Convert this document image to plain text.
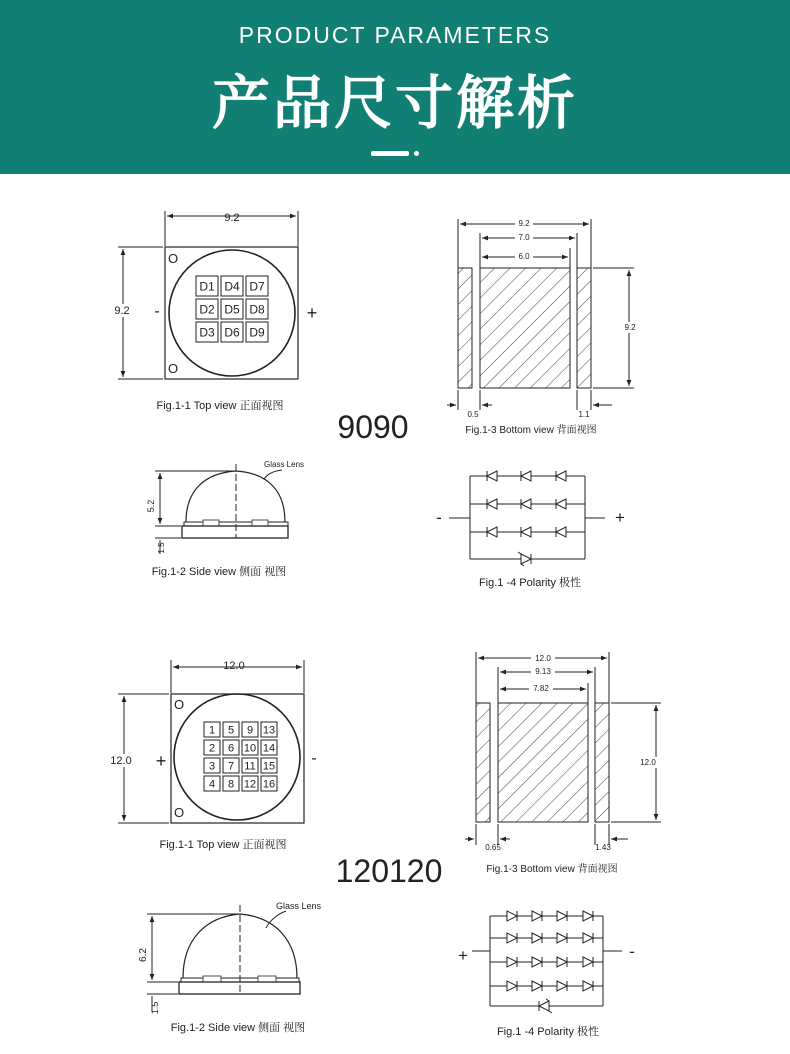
PRODUCT PARAMETERS
产品尺寸解析
9.2
9.2
O
O
-	+
D1 D4 D7
D2 D5 D8
D3 D6 D9
Fig.1-1 Top view 正面视图
9090
9.2
7.0
6.0
9.2
0.5	1.1
Fig.1-3 Bottom view 背面视图
5.2
1.5
Glass Lens
Fig.1-2 Side view 侧面 视图
-	+
Fig.1 -4 Polarity 极性
12.0
12.0
O
O
+	-
1 5 9 13
2 6 10 14
3 7 11 15
4 8 12 16
Fig.1-1 Top view 正面视图
120120
12.0
9.13
7.82
12.0
0.65	1.43
Fig.1-3 Bottom view 背面视图
6.2
1.5
Glass Lens
Fig.1-2 Side view 侧面 视图
+	-
Fig.1 -4 Polarity 极性
